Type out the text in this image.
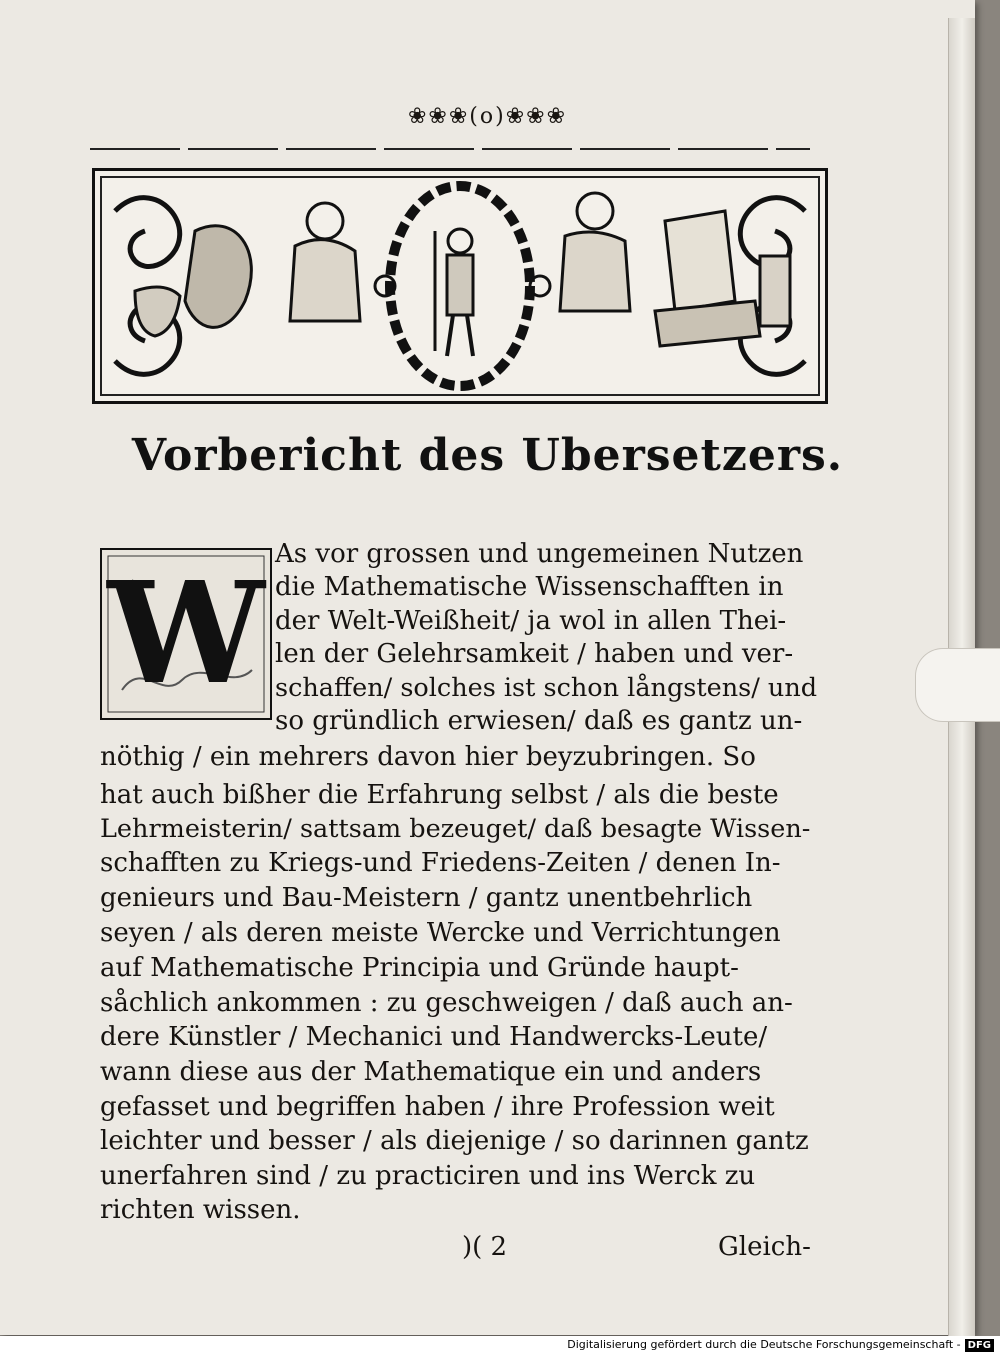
❀❀❀(o)❀❀❀
Vorbericht des Ubersetzers.
W As vor grossen und ungemeinen Nutzen
die Mathematische Wissenschafften in
der Welt-Weißheit/ ja wol in allen Thei-
len der Gelehrsamkeit / haben und ver-
schaffen/ solches ist schon långstens/ und
so gründlich erwiesen/ daß es gantz un-
nöthig / ein mehrers davon hier beyzubringen. So
hat auch bißher die Erfahrung selbst / als die beste
Lehrmeisterin/ sattsam bezeuget/ daß besagte Wissen-
schafften zu Kriegs-und Friedens-Zeiten / denen In-
genieurs und Bau-Meistern / gantz unentbehrlich
seyen / als deren meiste Wercke und Verrichtungen
auf Mathematische Principia und Gründe haupt-
såchlich ankommen : zu geschweigen / daß auch an-
dere Künstler / Mechanici und Handwercks-Leute/
wann diese aus der Mathematique ein und anders
gefasset und begriffen haben / ihre Profession weit
leichter und besser / als diejenige / so darinnen gantz
unerfahren sind / zu practiciren und ins Werck zu
richten wissen.
)( 2	Gleich-
Digitalisierung gefördert durch die Deutsche Forschungsgemeinschaft - DFG
